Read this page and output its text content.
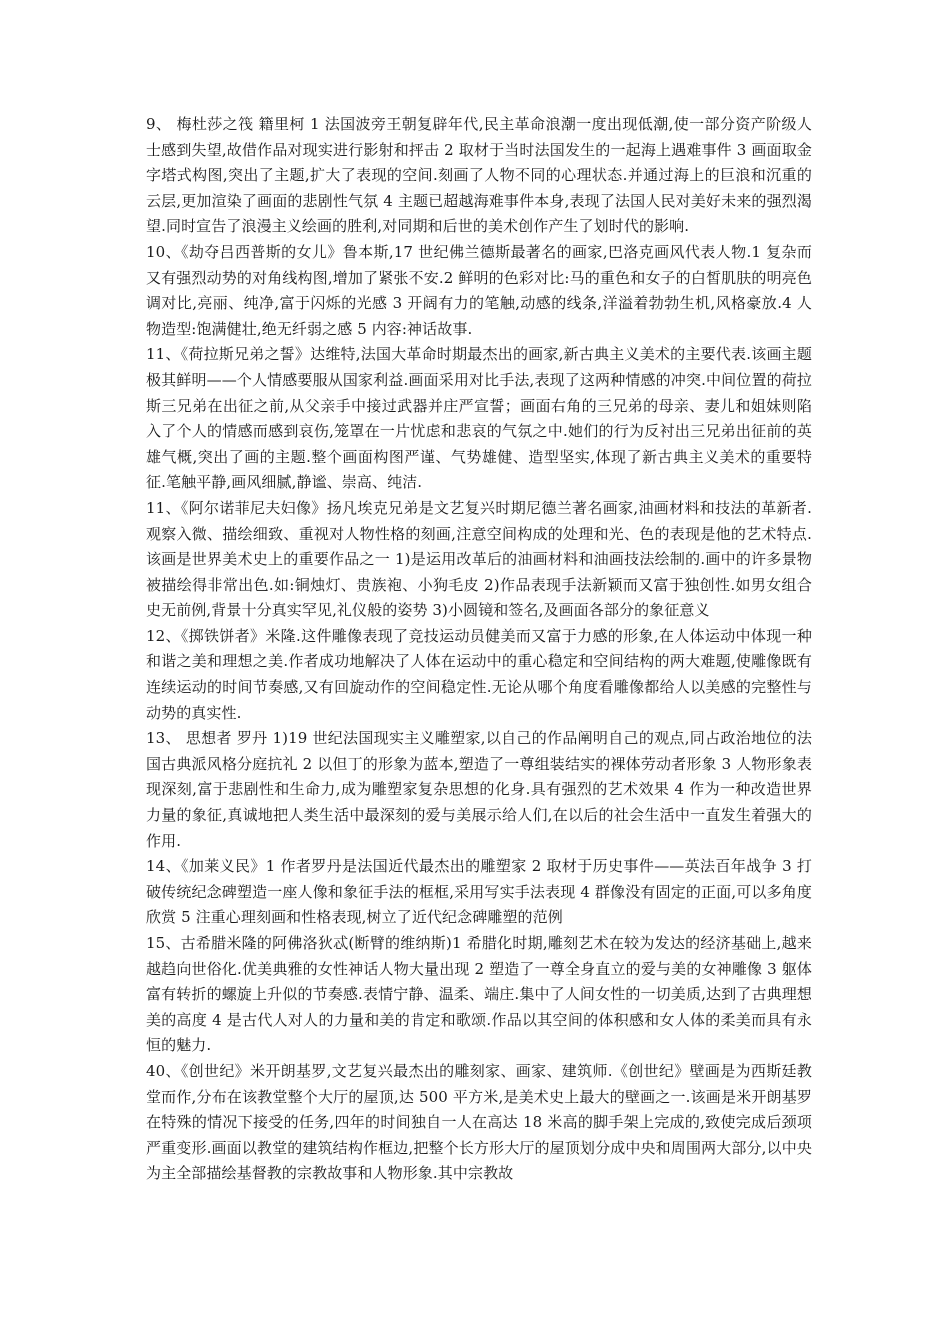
9、 梅杜莎之筏 籍里柯 1 法国波旁王朝复辟年代,民主革命浪潮一度出现低潮,使一部分资产阶级人士感到失望,故借作品对现实进行影射和抨击 2 取材于当时法国发生的一起海上遇难事件 3 画面取金字塔式构图,突出了主题,扩大了表现的空间.刻画了人物不同的心理状态.并通过海上的巨浪和沉重的云层,更加渲染了画面的悲剧性气氛 4 主题已超越海难事件本身,表现了法国人民对美好未来的强烈渴望.同时宣告了浪漫主义绘画的胜利,对同期和后世的美术创作产生了划时代的影响.

10、《劫夺吕西普斯的女儿》鲁本斯,17 世纪佛兰德斯最著名的画家,巴洛克画风代表人物.1 复杂而又有强烈动势的对角线构图,增加了紧张不安.2 鲜明的色彩对比:马的重色和女子的白皙肌肤的明亮色调对比,亮丽、纯净,富于闪烁的光感 3 开阔有力的笔触,动感的线条,洋溢着勃勃生机,风格豪放.4 人物造型:饱满健壮,绝无纤弱之感 5 内容:神话故事.

11、《荷拉斯兄弟之誓》达维特,法国大革命时期最杰出的画家,新古典主义美术的主要代表.该画主题极其鲜明——个人情感要服从国家利益.画面采用对比手法,表现了这两种情感的冲突.中间位置的荷拉斯三兄弟在出征之前,从父亲手中接过武器并庄严宣誓；画面右角的三兄弟的母亲、妻儿和姐妹则陷入了个人的情感而感到哀伤,笼罩在一片忧虑和悲哀的气氛之中.她们的行为反衬出三兄弟出征前的英雄气概,突出了画的主题.整个画面构图严谨、气势雄健、造型坚实,体现了新古典主义美术的重要特征.笔触平静,画风细腻,静谧、崇高、纯洁.

11、《阿尔诺菲尼夫妇像》扬凡埃克兄弟是文艺复兴时期尼德兰著名画家,油画材料和技法的革新者.观察入微、描绘细致、重视对人物性格的刻画,注意空间构成的处理和光、色的表现是他的艺术特点.该画是世界美术史上的重要作品之一 1)是运用改革后的油画材料和油画技法绘制的.画中的许多景物被描绘得非常出色.如:铜烛灯、贵族袍、小狗毛皮 2)作品表现手法新颖而又富于独创性.如男女组合史无前例,背景十分真实罕见,礼仪般的姿势 3)小圆镜和签名,及画面各部分的象征意义

12、《掷铁饼者》米隆.这件雕像表现了竞技运动员健美而又富于力感的形象,在人体运动中体现一种和谐之美和理想之美.作者成功地解决了人体在运动中的重心稳定和空间结构的两大难题,使雕像既有连续运动的时间节奏感,又有回旋动作的空间稳定性.无论从哪个角度看雕像都给人以美感的完整性与动势的真实性.

13、 思想者 罗丹 1)19 世纪法国现实主义雕塑家,以自己的作品阐明自己的观点,同占政治地位的法国古典派风格分庭抗礼 2 以但丁的形象为蓝本,塑造了一尊组装结实的裸体劳动者形象 3 人物形象表现深刻,富于悲剧性和生命力,成为雕塑家复杂思想的化身.具有强烈的艺术效果 4 作为一种改造世界力量的象征,真诚地把人类生活中最深刻的爱与美展示给人们,在以后的社会生活中一直发生着强大的作用.

14、《加莱义民》1 作者罗丹是法国近代最杰出的雕塑家 2 取材于历史事件——英法百年战争 3 打破传统纪念碑塑造一座人像和象征手法的框框,采用写实手法表现 4 群像没有固定的正面,可以多角度欣赏 5 注重心理刻画和性格表现,树立了近代纪念碑雕塑的范例

15、古希腊米隆的阿佛洛狄忒(断臂的维纳斯)1 希腊化时期,雕刻艺术在较为发达的经济基础上,越来越趋向世俗化.优美典雅的女性神话人物大量出现 2 塑造了一尊全身直立的爱与美的女神雕像 3 躯体富有转折的螺旋上升似的节奏感.表情宁静、温柔、端庄.集中了人间女性的一切美质,达到了古典理想美的高度 4 是古代人对人的力量和美的肯定和歌颂.作品以其空间的体积感和女人体的柔美而具有永恒的魅力.

40、《创世纪》米开朗基罗,文艺复兴最杰出的雕刻家、画家、建筑师.《创世纪》壁画是为西斯廷教堂而作,分布在该教堂整个大厅的屋顶,达 500 平方米,是美术史上最大的壁画之一.该画是米开朗基罗在特殊的情况下接受的任务,四年的时间独自一人在高达 18 米高的脚手架上完成的,致使完成后颈项严重变形.画面以教堂的建筑结构作框边,把整个长方形大厅的屋顶划分成中央和周围两大部分,以中央为主全部描绘基督教的宗教故事和人物形象.其中宗教故
